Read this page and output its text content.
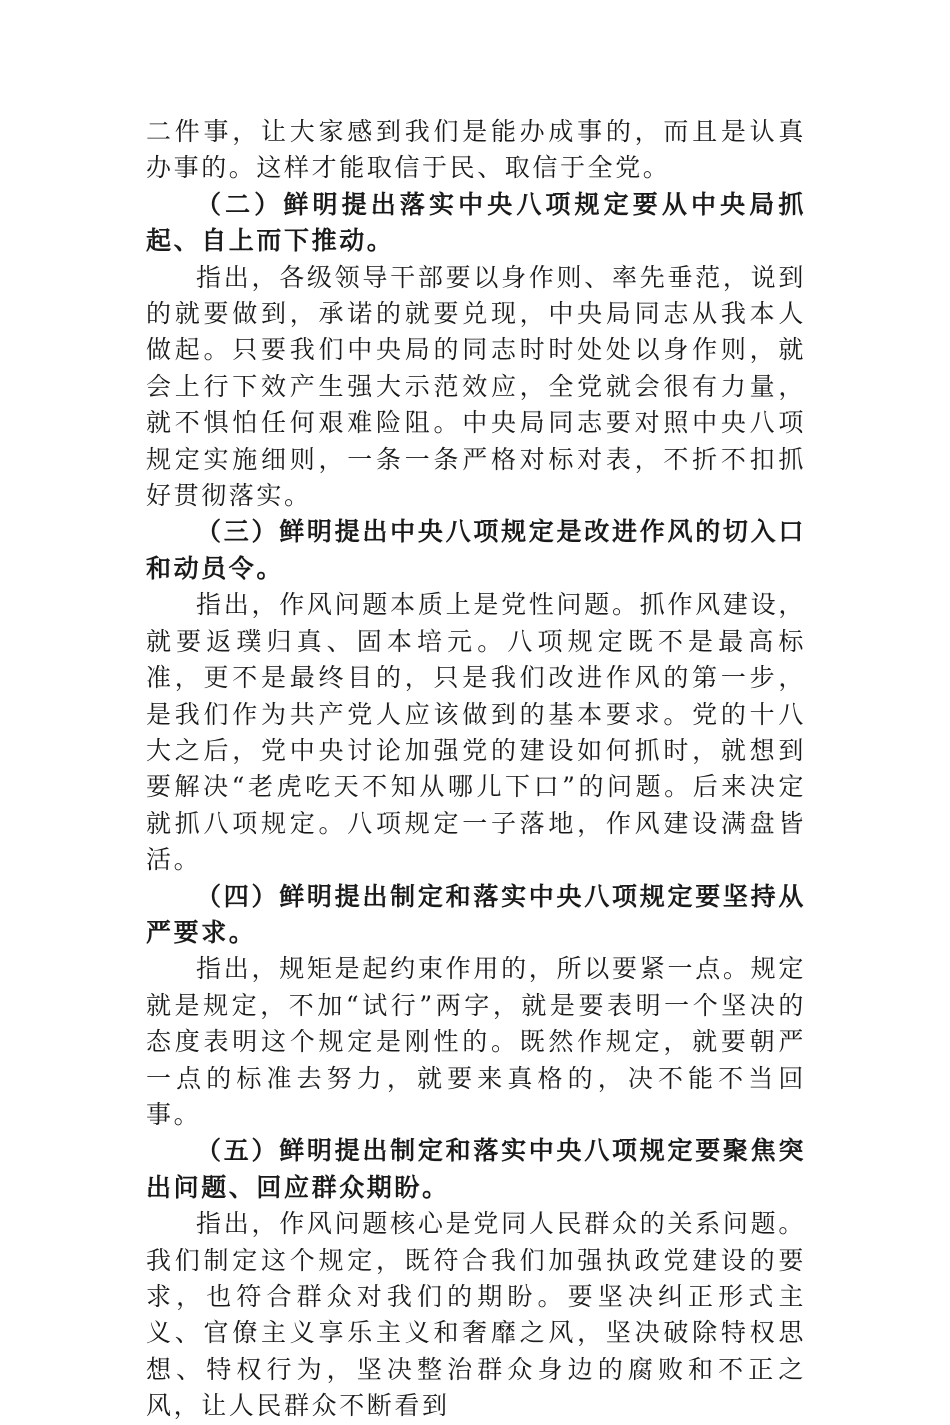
二件事，让大家感到我们是能办成事的，而且是认真办事的。这样才能取信于民、取信于全党。

（二）鲜明提出落实中央八项规定要从中央局抓起、自上而下推动。

指出，各级领导干部要以身作则、率先垂范，说到的就要做到，承诺的就要兑现，中央局同志从我本人做起。只要我们中央局的同志时时处处以身作则，就会上行下效产生强大示范效应，全党就会很有力量，就不惧怕任何艰难险阻。中央局同志要对照中央八项规定实施细则，一条一条严格对标对表，不折不扣抓好贯彻落实。

（三）鲜明提出中央八项规定是改进作风的切入口和动员令。

指出，作风问题本质上是党性问题。抓作风建设，就要返璞归真、固本培元。八项规定既不是最高标准，更不是最终目的，只是我们改进作风的第一步，是我们作为共产党人应该做到的基本要求。党的十八大之后，党中央讨论加强党的建设如何抓时，就想到要解决“老虎吃天不知从哪儿下口”的问题。后来决定就抓八项规定。八项规定一子落地，作风建设满盘皆活。

（四）鲜明提出制定和落实中央八项规定要坚持从严要求。

指出，规矩是起约束作用的，所以要紧一点。规定就是规定，不加“试行”两字，就是要表明一个坚决的态度表明这个规定是刚性的。既然作规定，就要朝严一点的标准去努力，就要来真格的，决不能不当回事。

（五）鲜明提出制定和落实中央八项规定要聚焦突出问题、回应群众期盼。

指出，作风问题核心是党同人民群众的关系问题。我们制定这个规定，既符合我们加强执政党建设的要求，也符合群众对我们的期盼。要坚决纠正形式主义、官僚主义享乐主义和奢靡之风，坚决破除特权思想、特权行为，坚决整治群众身边的腐败和不正之风，让人民群众不断看到
